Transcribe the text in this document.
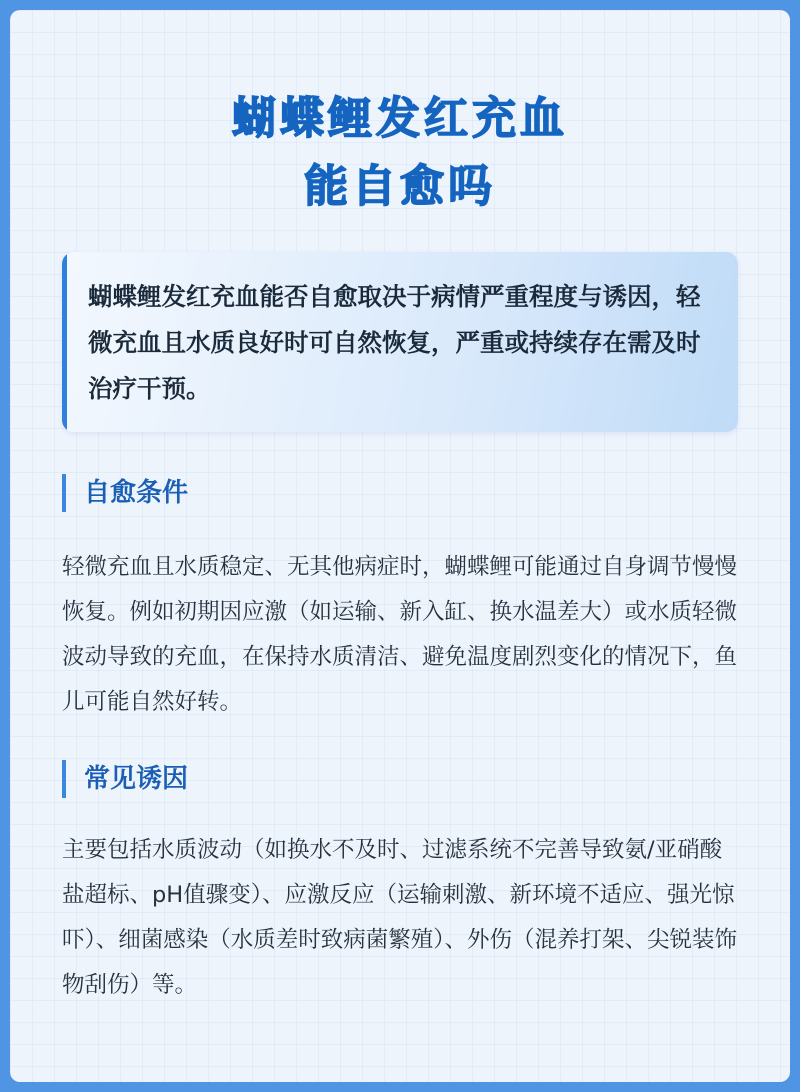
蝴蝶鲤发红充血
能自愈吗
蝴蝶鲤发红充血能否自愈取决于病情严重程度与诱因，轻微充血且水质良好时可自然恢复，严重或持续存在需及时治疗干预。
自愈条件
轻微充血且水质稳定、无其他病症时，蝴蝶鲤可能通过自身调节慢慢恢复。例如初期因应激（如运输、新入缸、换水温差大）或水质轻微波动导致的充血，在保持水质清洁、避免温度剧烈变化的情况下，鱼儿可能自然好转。
常见诱因
主要包括水质波动（如换水不及时、过滤系统不完善导致氨/亚硝酸盐超标、pH值骤变）、应激反应（运输刺激、新环境不适应、强光惊吓）、细菌感染（水质差时致病菌繁殖）、外伤（混养打架、尖锐装饰物刮伤）等。
